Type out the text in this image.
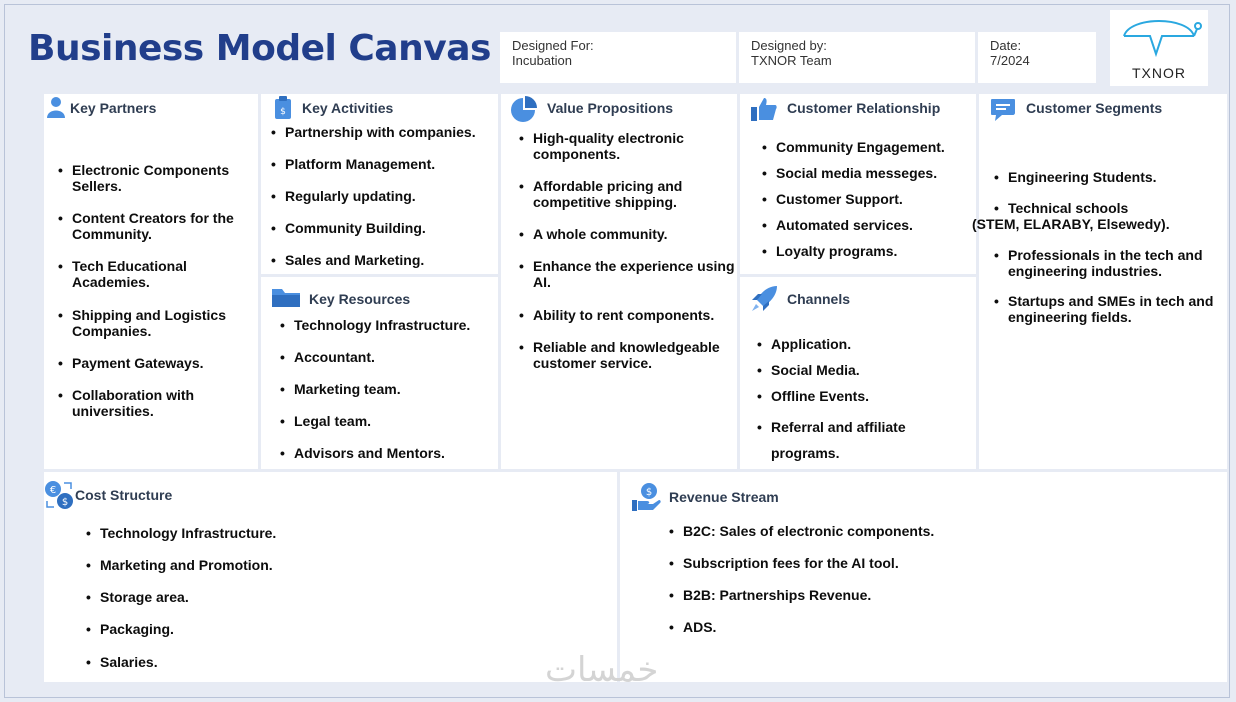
Business Model Canvas Designed For:
Incubation
Designed by:
TXNOR Team
Date:
7/2024
TXNOR
Key Partners
• Electronic Components Sellers.
• Content Creators for the Community.
• Tech Educational Academies.
• Shipping and Logistics Companies.
• Payment Gateways.
• Collaboration with universities.
$ Key Activities
• Partnership with companies.
• Platform Management.
• Regularly updating.
• Community Building.
• Sales and Marketing.
Key Resources
• Technology Infrastructure.
• Accountant.
• Marketing team.
• Legal team.
• Advisors and Mentors.
Value Propositions
• High-quality electronic components.
• Affordable pricing and competitive shipping.
• A whole community.
• Enhance the experience using AI.
• Ability to rent components.
• Reliable and knowledgeable customer service.
Customer Relationship
• Community Engagement.
• Social media messeges.
• Customer Support.
• Automated services.
• Loyalty programs.
Channels
• Application.
• Social Media.
• Offline Events.
• Referral and affiliate programs.
Customer Segments
• Engineering Students.
• Technical schools
(STEM, ELARABY, Elsewedy).
• Professionals in the tech and engineering industries.
• Startups and SMEs in tech and engineering fields.
€
$ Cost Structure
• Technology Infrastructure.
• Marketing and Promotion.
• Storage area.
• Packaging.
• Salaries.
$ Revenue Stream
• B2C: Sales of electronic components.
• Subscription fees for the AI tool.
• B2B: Partnerships Revenue.
• ADS.
خمسات
